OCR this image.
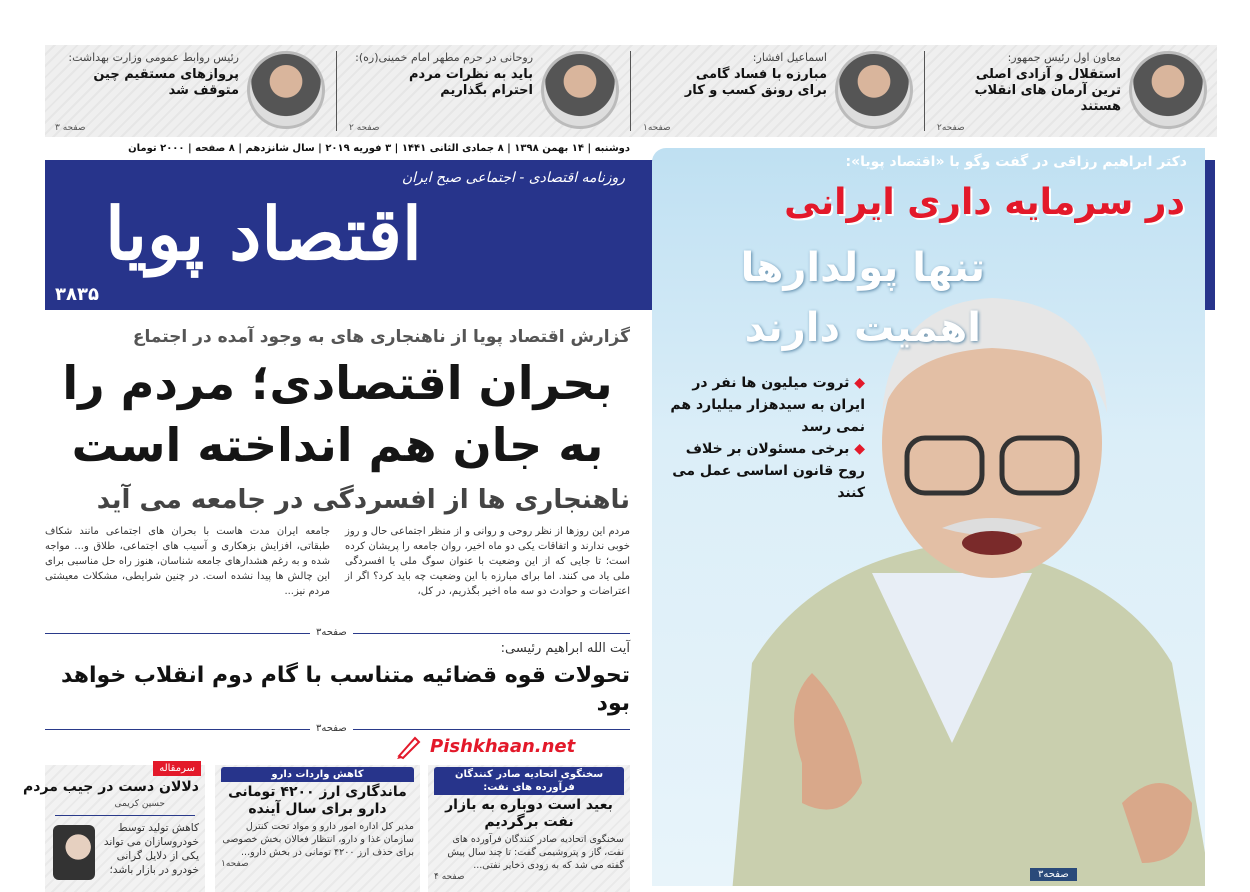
معاون اول رئیس جمهور:
استقلال و آزادی اصلی ترین آرمان های انقلاب هستند
صفحه۲
اسماعیل افشار:
مبارزه با فساد گامی برای رونق کسب و کار
صفحه۱
روحانی در حرم مطهر امام خمینی(ره):
باید به نظرات مردم احترام بگذاریم
صفحه ۲
رئیس روابط عمومی وزارت بهداشت:
پروازهای مستقیم چین متوقف شد
صفحه ۳
دوشنبه | ۱۴ بهمن ۱۳۹۸ | ۸ جمادی الثانی ۱۴۴۱ | ۳ فوریه ۲۰۱۹ | سال شانزدهم | ۸ صفحه | ۲۰۰۰ تومان
روزنامه اقتصادی - اجتماعی صبح ایران
اقتصاد پویا
۳۸۳۵
دکتر ابراهیم رزاقی در گفت وگو با «اقتصاد پویا»:
در سرمایه داری ایرانی
تنها پولدارها
اهمیت دارند
◆ ثروت میلیون ها نفر در ایران به سیدهزار میلیارد هم نمی رسد
◆ برخی مسئولان بر خلاف روح قانون اساسی عمل می کنند
صفحه۳
گزارش اقتصاد پویا از ناهنجاری های به وجود آمده در اجتماع
بحران اقتصادی؛ مردم را
به جان هم انداخته است
ناهنجاری ها از افسردگی در جامعه می آید
مردم این روزها از نظر روحی و روانی و از منظر اجتماعی حال و روز خوبی ندارند و اتفاقات یکی دو ماه اخیر، روان جامعه را پریشان کرده است؛ تا جایی که از این وضعیت با عنوان سوگ ملی یا افسردگی ملی یاد می کنند. اما برای مبارزه با این وضعیت چه باید کرد؟ اگر از اعتراضات و حوادث دو سه ماه اخیر بگذریم، در کل،
جامعه ایران مدت هاست با بحران های اجتماعی مانند شکاف طبقاتی، افزایش بزهکاری و آسیب های اجتماعی، طلاق و... مواجه شده و به رغم هشدارهای جامعه شناسان، هنوز راه حل مناسبی برای این چالش ها پیدا نشده است. در چنین شرایطی، مشکلات معیشتی مردم نیز...
صفحه۳
آیت الله ابراهیم رئیسی:
تحولات قوه قضائیه متناسب با گام دوم انقلاب خواهد بود
صفحه۳
Pishkhaan.net
سخنگوی اتحادیه صادر کنندگان فرآورده های نفت:
بعید است دوباره به بازار نفت برگردیم
سخنگوی اتحادیه صادر کنندگان فرآورده های نفت، گاز و پتروشیمی گفت: تا چند سال پیش گفته می شد که به زودی ذخایر نفتی...
صفحه ۴
کاهش واردات دارو
ماندگاری ارز ۴۲۰۰ تومانی دارو برای سال آینده
مدیر کل اداره امور دارو و مواد تحت کنترل سازمان غذا و دارو، انتظار فعالان بخش خصوصی برای حذف ارز ۴۲۰۰ تومانی در بخش دارو...
صفحه۱
سرمقاله
دلالان دست در جیب مردم
حسین کریمی
کاهش تولید توسط خودروسازان می تواند یکی از دلایل گرانی خودرو در بازار باشد؛
